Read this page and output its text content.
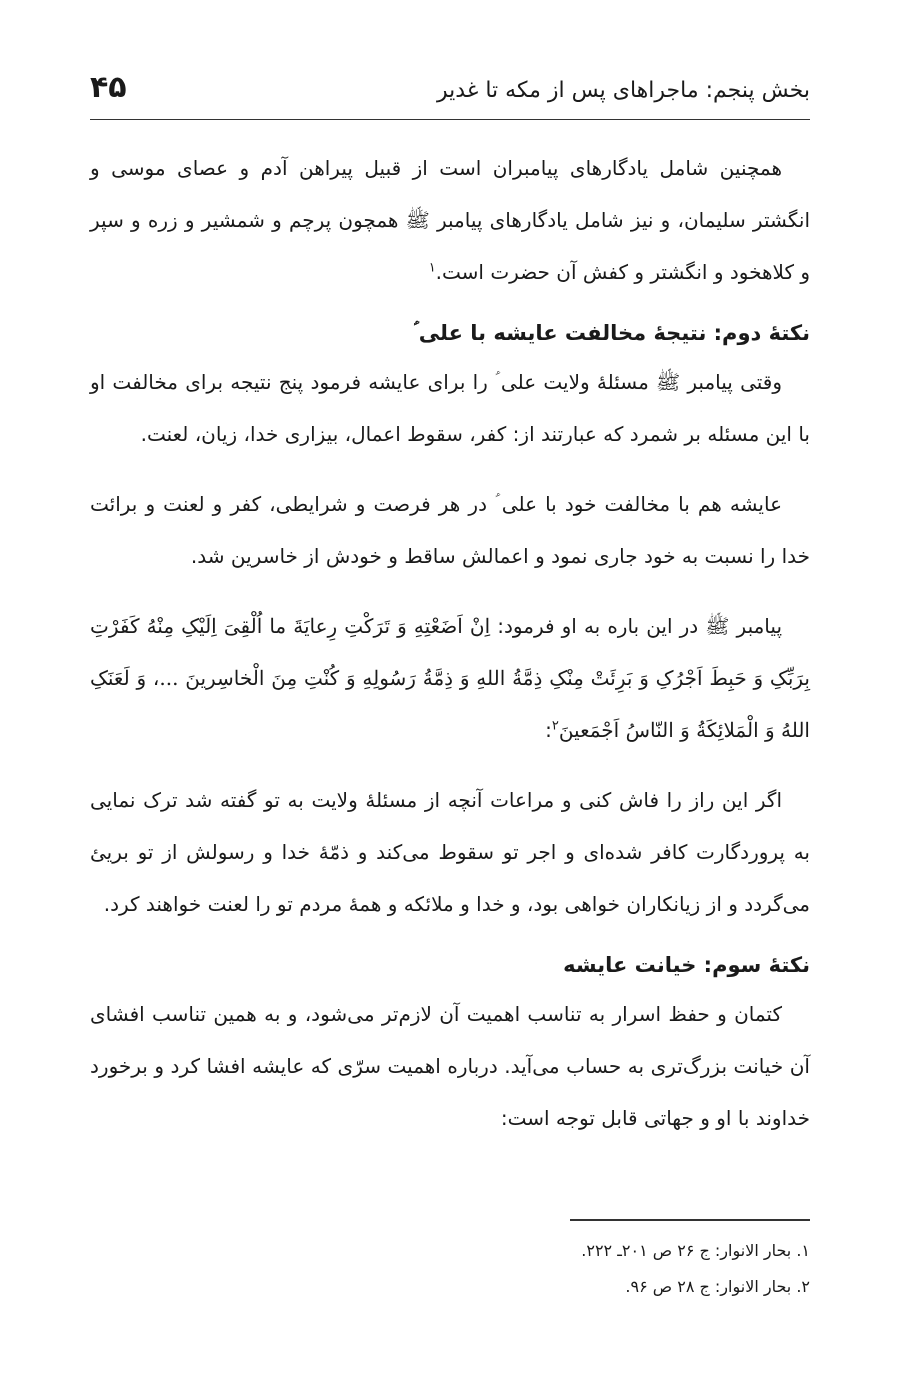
بخش پنجم: ماجراهای پس از مکه تا غدیر
۴۵

همچنین شامل یادگارهای پیامبران است از قبیل پیراهن آدم و عصای موسی و انگشتر سلیمان، و نیز شامل یادگارهای پیامبر ﷺ همچون پرچم و شمشیر و زره و سپر و کلاهخود و انگشتر و کفش آن حضرت است.$^۱$

نکتهٔ دوم: نتیجهٔ مخالفت عایشه با علی ؑ

وقتی پیامبر ﷺ مسئلهٔ ولایت علی ؑ را برای عایشه فرمود پنج نتیجه برای مخالفت او با این مسئله بر شمرد که عبارتند از: کفر، سقوط اعمال، بیزاری خدا، زیان، لعنت.

عایشه هم با مخالفت خود با علی ؑ در هر فرصت و شرایطی، کفر و لعنت و برائت خدا را نسبت به خود جاری نمود و اعمالش ساقط و خودش از خاسرین شد.

پیامبر ﷺ در این باره به او فرمود: اِنْ اَضَعْتِهِ وَ تَرَکْتِ رِعایَةَ ما اُلْقِیَ اِلَیْکِ مِنْهُ کَفَرْتِ بِرَبِّکِ وَ حَبِطَ اَجْرُکِ وَ بَرِئَتْ مِنْکِ ذِمَّةُ اللهِ وَ ذِمَّةُ رَسُولِهِ وَ کُنْتِ مِنَ الْخاسِرینَ ...، وَ لَعَنَکِ اللهُ وَ الْمَلائِکَةُ وَ النّاسُ اَجْمَعینَ$^۲$:

اگر این راز را فاش کنی و مراعات آنچه از مسئلهٔ ولایت به تو گفته شد ترک نمایی به پروردگارت کافر شده‌ای و اجر تو سقوط می‌کند و ذمّهٔ خدا و رسولش از تو بریئ می‌گردد و از زیانکاران خواهی بود، و خدا و ملائکه و همهٔ مردم تو را لعنت خواهند کرد.

نکتهٔ سوم: خیانت عایشه

کتمان و حفظ اسرار به تناسب اهمیت آن لازم‌تر می‌شود، و به همین تناسب افشای آن خیانت بزرگ‌تری به حساب می‌آید. درباره اهمیت سرّی که عایشه افشا کرد و برخورد خداوند با او و جهاتی قابل توجه است:

۱. بحار الانوار: ج ۲۶ ص ۲۰۱ـ ۲۲۲.
۲. بحار الانوار: ج ۲۸ ص ۹۶.
